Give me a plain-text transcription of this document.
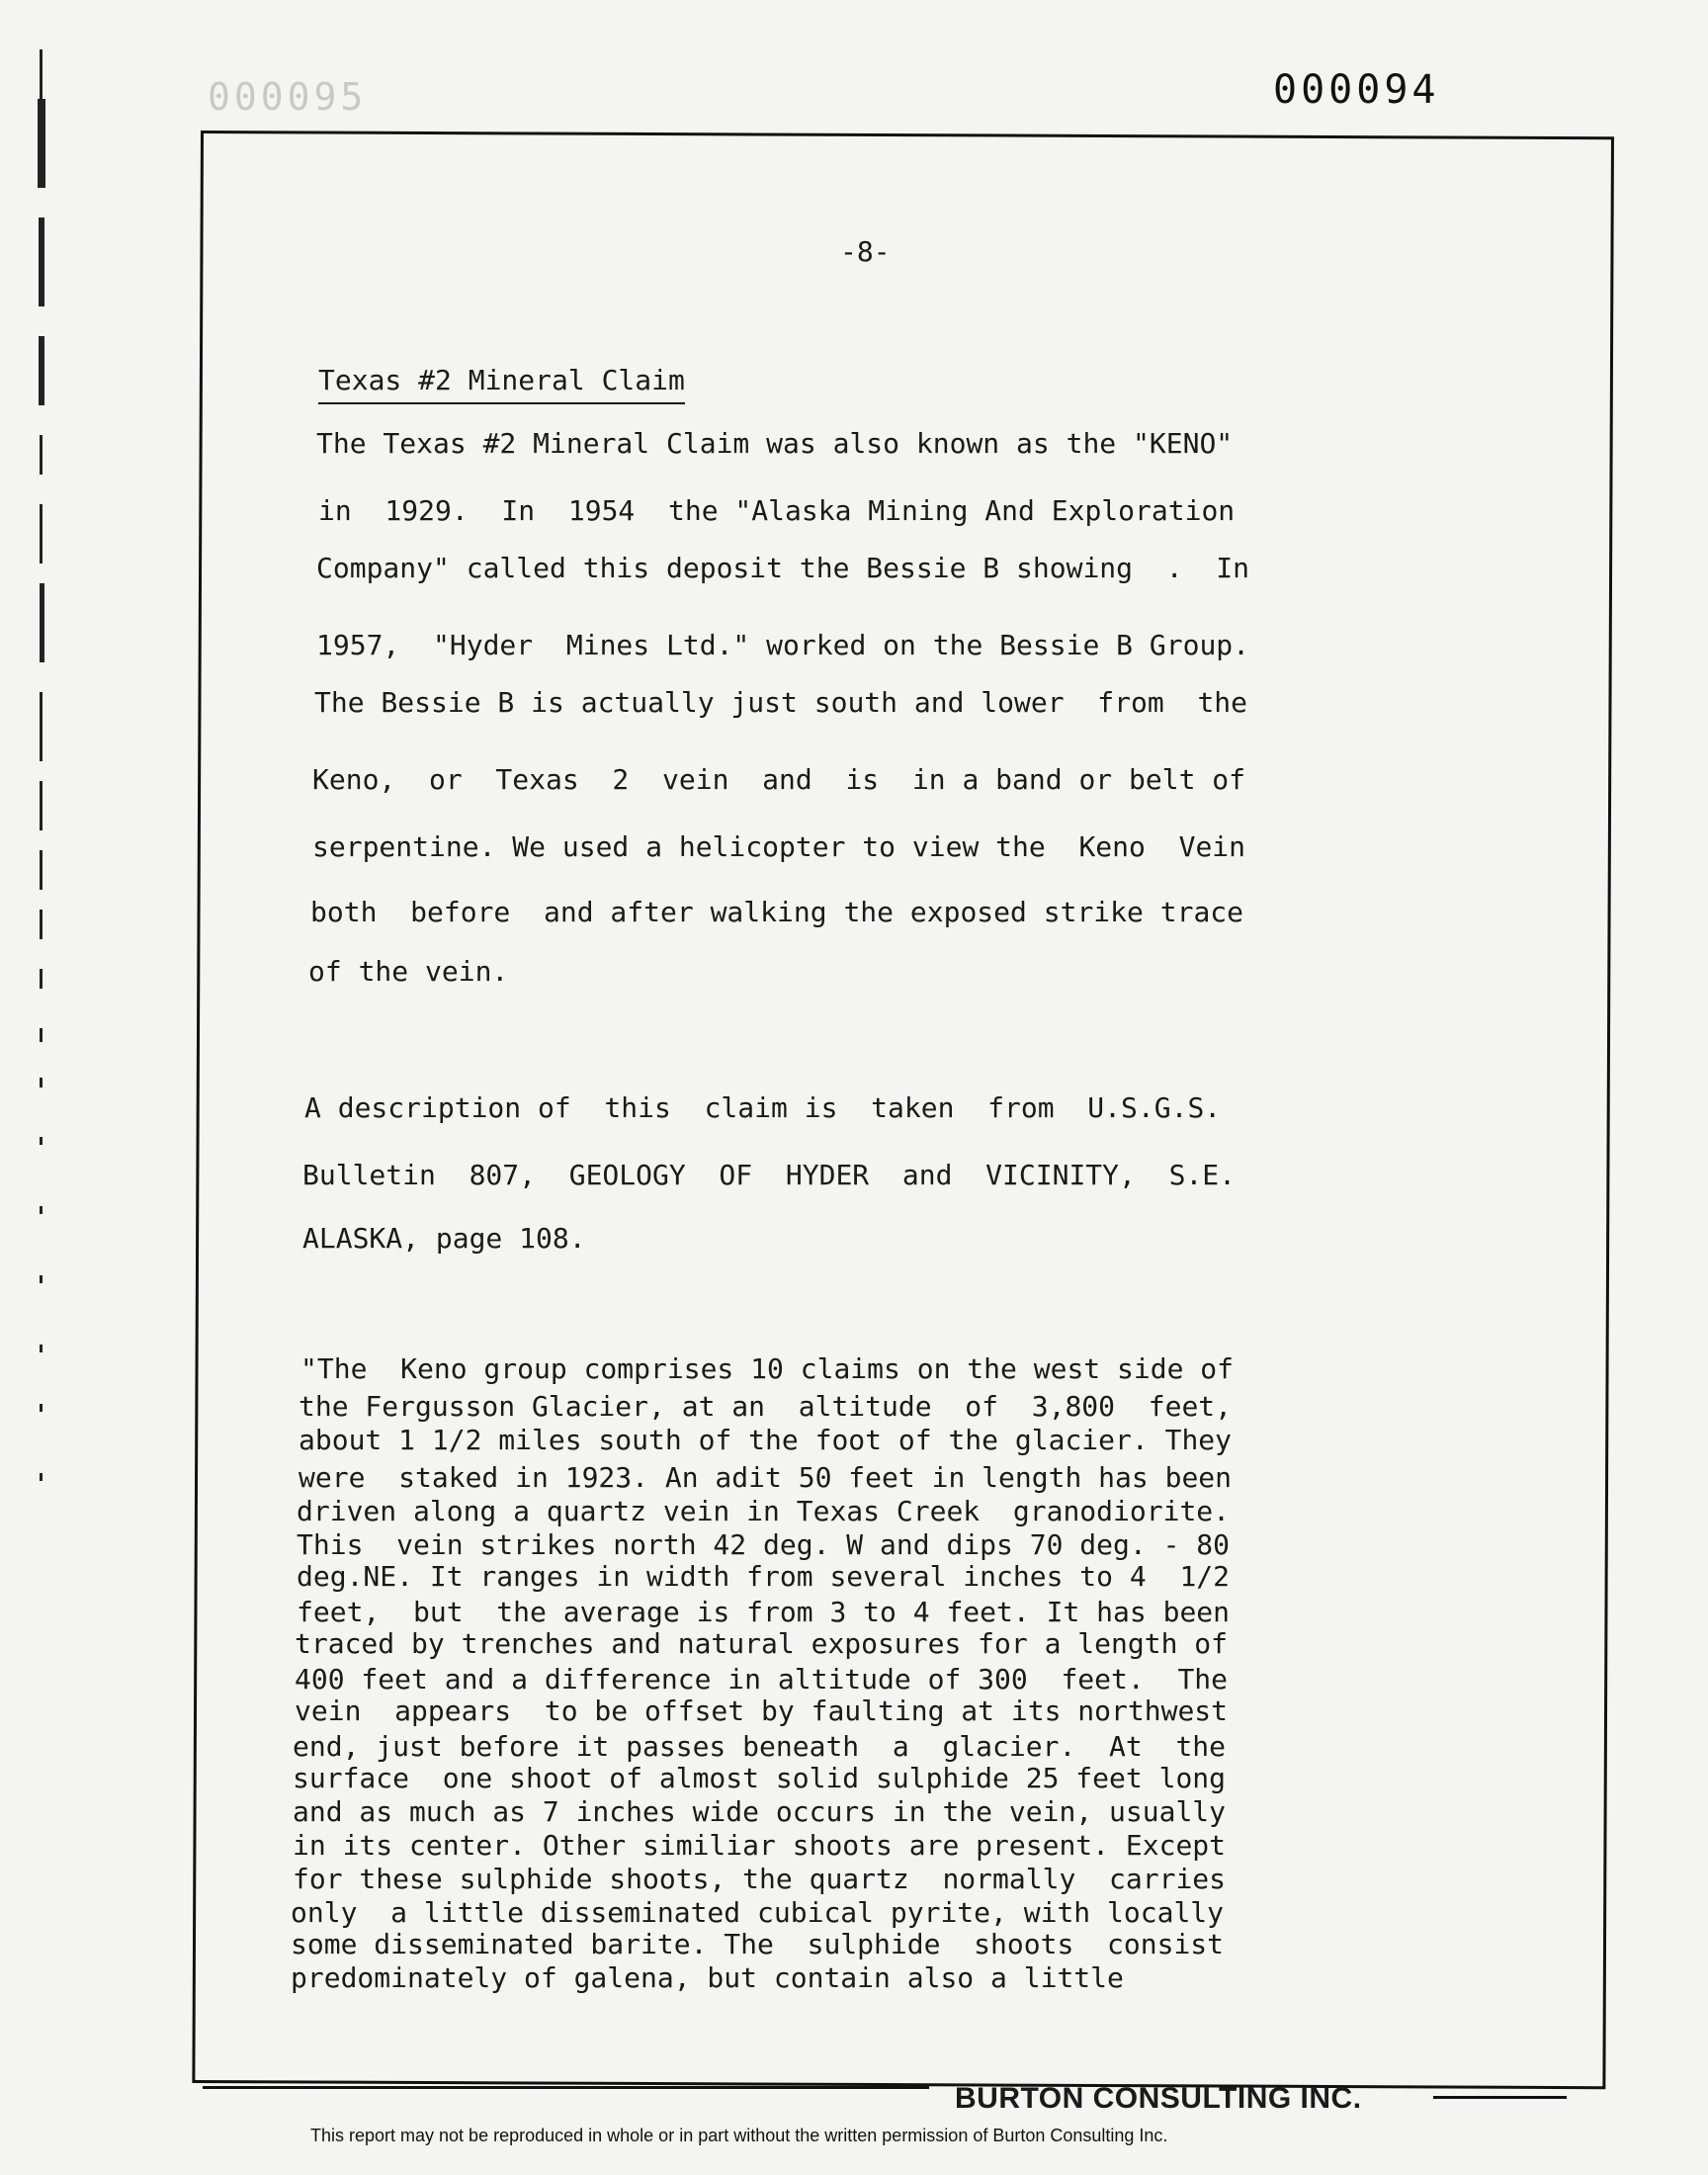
000095	000094
-8-
Texas #2 Mineral Claim
The Texas #2 Mineral Claim was also known as the "KENO"
in  1929.  In  1954  the "Alaska Mining And Exploration
Company" called this deposit the Bessie B showing  .  In
1957,  "Hyder  Mines Ltd." worked on the Bessie B Group.
The Bessie B is actually just south and lower  from  the
Keno,  or  Texas  2  vein  and  is  in a band or belt of
serpentine. We used a helicopter to view the  Keno  Vein
both  before  and after walking the exposed strike trace
of the vein.
A description of  this  claim is  taken  from  U.S.G.S.
Bulletin  807,  GEOLOGY  OF  HYDER  and  VICINITY,  S.E.
ALASKA, page 108.
"The  Keno group comprises 10 claims on the west side of
the Fergusson Glacier, at an  altitude  of  3,800  feet,
about 1 1/2 miles south of the foot of the glacier. They
were  staked in 1923. An adit 50 feet in length has been
driven along a quartz vein in Texas Creek  granodiorite.
This  vein strikes north 42 deg. W and dips 70 deg. - 80
deg.NE. It ranges in width from several inches to 4  1/2
feet,  but  the average is from 3 to 4 feet. It has been
traced by trenches and natural exposures for a length of
400 feet and a difference in altitude of 300  feet.  The
vein  appears  to be offset by faulting at its northwest
end, just before it passes beneath  a  glacier.  At  the
surface  one shoot of almost solid sulphide 25 feet long
and as much as 7 inches wide occurs in the vein, usually
in its center. Other similiar shoots are present. Except
for these sulphide shoots, the quartz  normally  carries
only  a little disseminated cubical pyrite, with locally
some disseminated barite. The  sulphide  shoots  consist
predominately of galena, but contain also a little
BURTON CONSULTING INC.
This report may not be reproduced in whole or in part without the written permission of Burton Consulting Inc.
